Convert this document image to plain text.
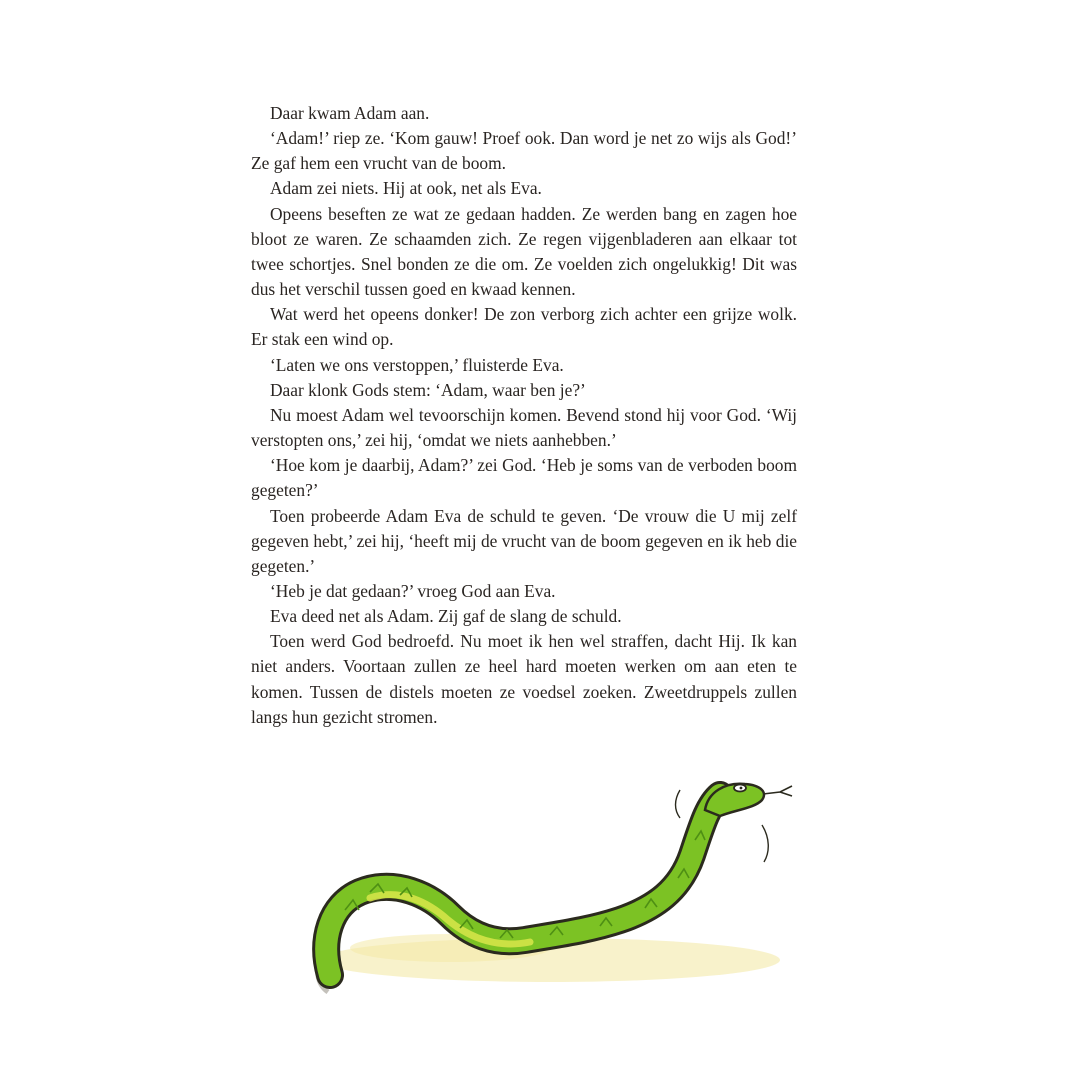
Daar kwam Adam aan.

‘Adam!’ riep ze. ‘Kom gauw! Proef ook. Dan word je net zo wijs als God!’ Ze gaf hem een vrucht van de boom.

Adam zei niets. Hij at ook, net als Eva.

Opeens beseften ze wat ze gedaan hadden. Ze werden bang en zagen hoe bloot ze waren. Ze schaamden zich. Ze regen vijgenbladeren aan elkaar tot twee schortjes. Snel bonden ze die om. Ze voelden zich ongelukkig! Dit was dus het verschil tussen goed en kwaad kennen.

Wat werd het opeens donker! De zon verborg zich achter een grijze wolk. Er stak een wind op.

‘Laten we ons verstoppen,’ fluisterde Eva.

Daar klonk Gods stem: ‘Adam, waar ben je?’

Nu moest Adam wel tevoorschijn komen. Bevend stond hij voor God. ‘Wij verstopten ons,’ zei hij, ‘omdat we niets aanhebben.’

‘Hoe kom je daarbij, Adam?’ zei God. ‘Heb je soms van de verboden boom gegeten?’

Toen probeerde Adam Eva de schuld te geven. ‘De vrouw die U mij zelf gegeven hebt,’ zei hij, ‘heeft mij de vrucht van de boom gegeven en ik heb die gegeten.’

‘Heb je dat gedaan?’ vroeg God aan Eva.

Eva deed net als Adam. Zij gaf de slang de schuld.

Toen werd God bedroefd. Nu moet ik hen wel straffen, dacht Hij. Ik kan niet anders. Voortaan zullen ze heel hard moeten werken om aan eten te komen. Tussen de distels moeten ze voedsel zoeken. Zweetdruppels zullen langs hun gezicht stromen.
